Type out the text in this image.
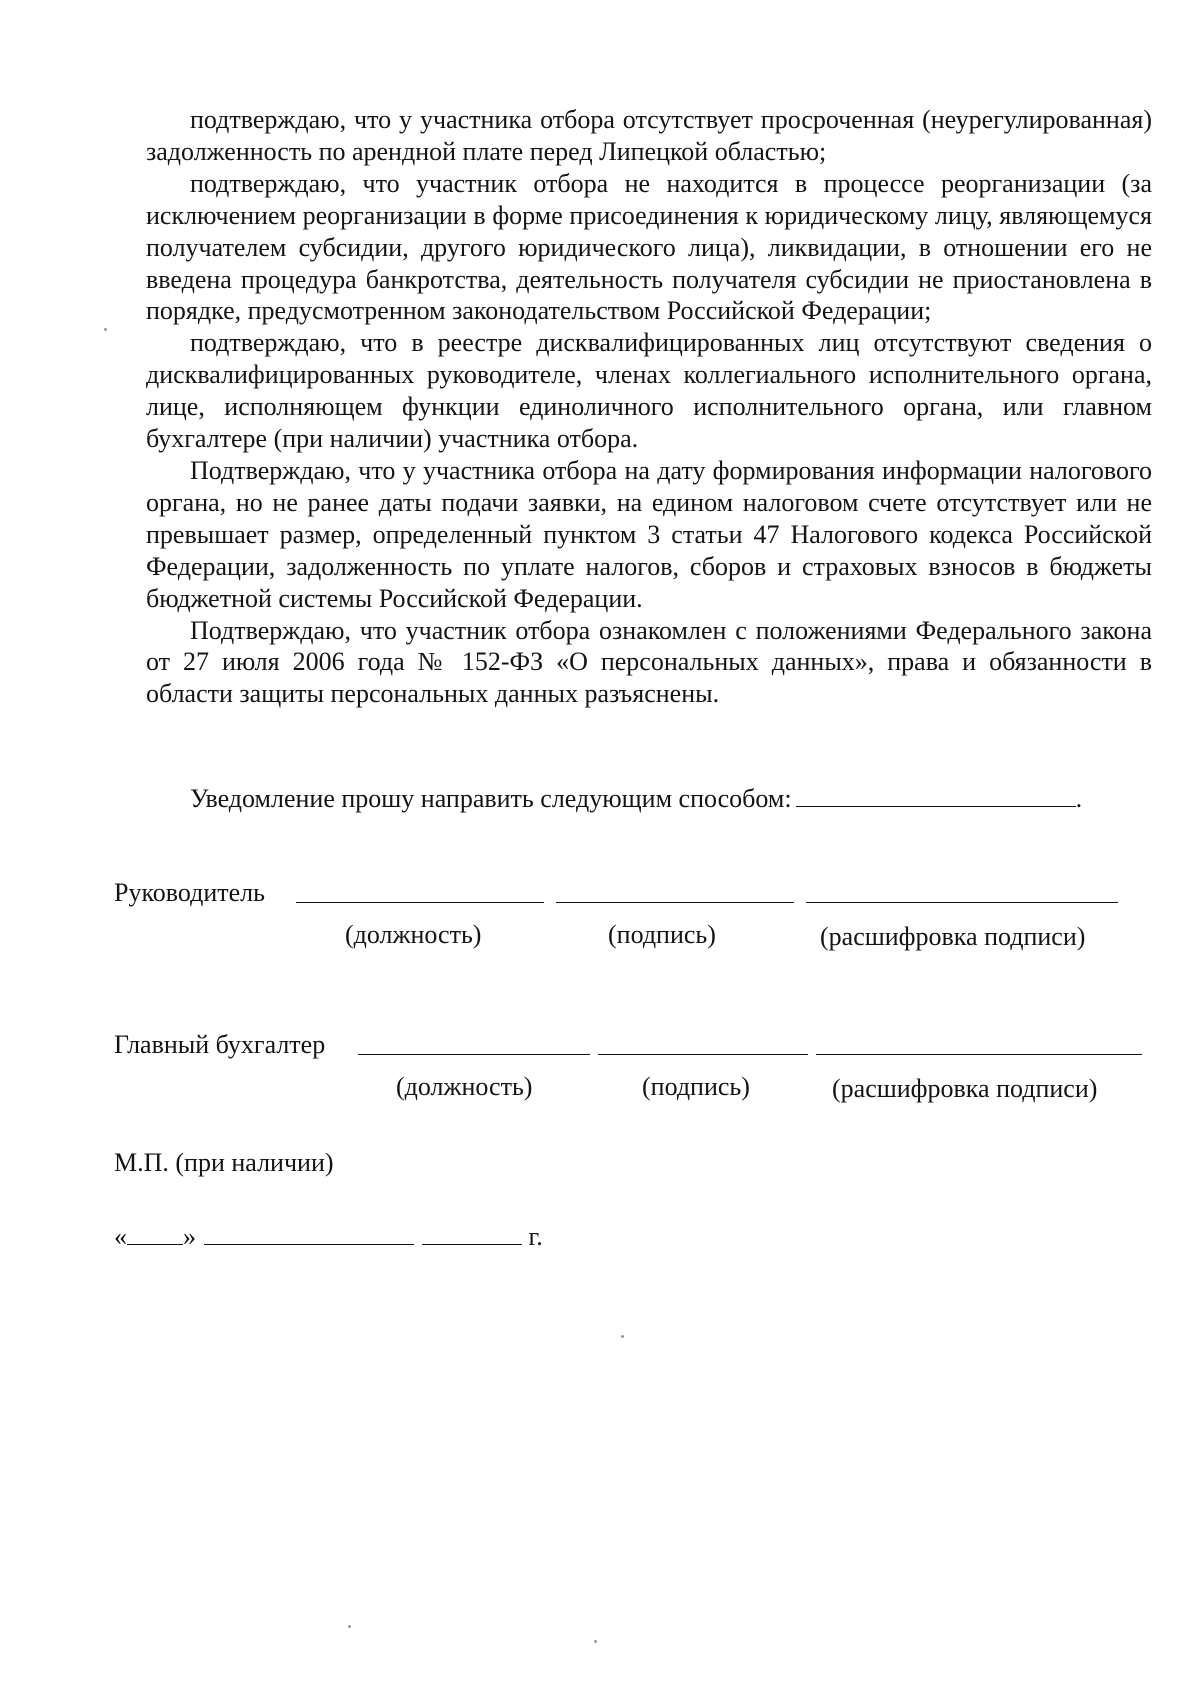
подтверждаю, что у участника отбора отсутствует просроченная (неурегулированная) задолженность по арендной плате перед Липецкой областью;

подтверждаю, что участник отбора не находится в процессе реорганизации (за исключением реорганизации в форме присоединения к юридическому лицу, являющемуся получателем субсидии, другого юридического лица), ликвидации, в отношении его не введена процедура банкротства, деятельность получателя субсидии не приостановлена в порядке, предусмотренном законодательством Российской Федерации;

подтверждаю, что в реестре дисквалифицированных лиц отсутствуют сведения о дисквалифицированных руководителе, членах коллегиального исполнительного органа, лице, исполняющем функции единоличного исполнительного органа, или главном бухгалтере (при наличии) участника отбора.

Подтверждаю, что у участника отбора на дату формирования информации налогового органа, но не ранее даты подачи заявки, на едином налоговом счете отсутствует или не превышает размер, определенный пунктом 3 статьи 47 Налогового кодекса Российской Федерации, задолженность по уплате налогов, сборов и страховых взносов в бюджеты бюджетной системы Российской Федерации.

Подтверждаю, что участник отбора ознакомлен с положениями Федерального закона от 27 июля 2006 года № 152-ФЗ «О персональных данных», права и обязанности в области защиты персональных данных разъяснены.

Уведомление прошу направить следующим способом:	.
Руководитель
(должность)	(подпись)	(расшифровка подписи)
Главный бухгалтер
(должность)	(подпись)	(расшифровка подписи)
М.П. (при наличии)
« »	г.
